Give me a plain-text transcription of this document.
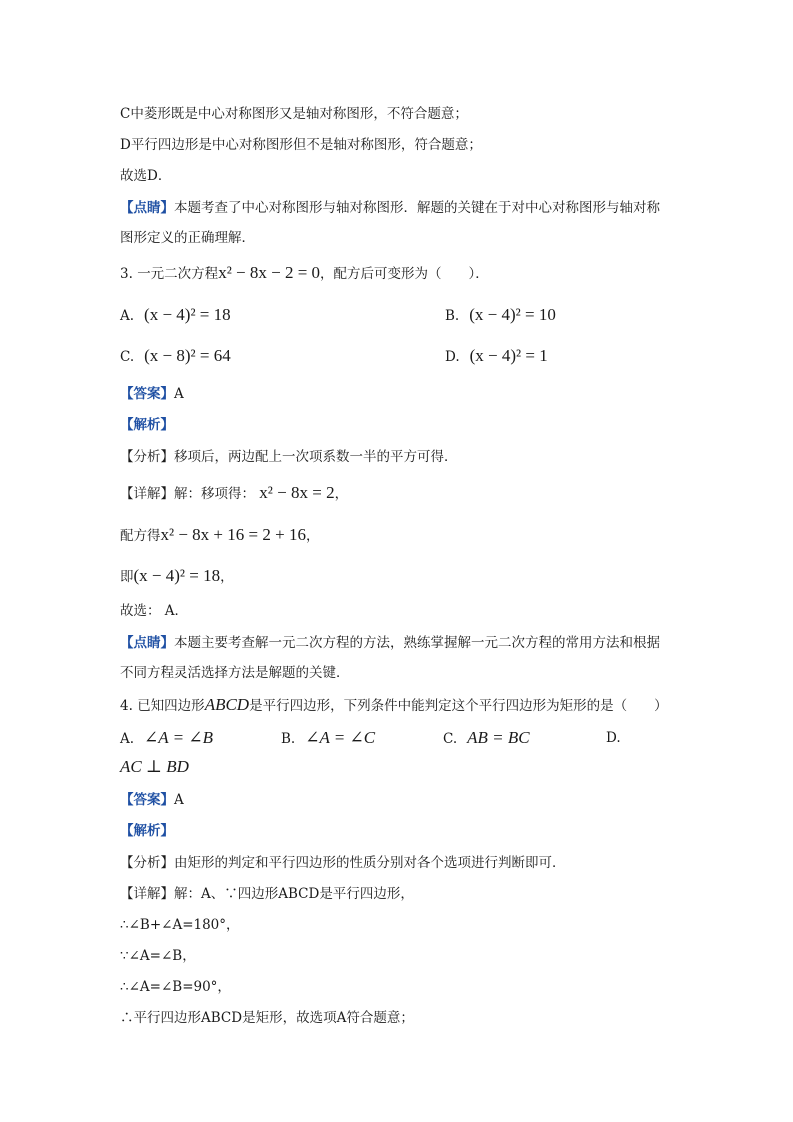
C中菱形既是中心对称图形又是轴对称图形，不符合题意；
D平行四边形是中心对称图形但不是轴对称图形，符合题意；
故选D．
【点睛】本题考查了中心对称图形与轴对称图形．解题的关键在于对中心对称图形与轴对称
图形定义的正确理解．
3. 一元二次方程x² − 8x − 2 = 0，配方后可变形为（　　）．
A. (x − 4)² = 18	B. (x − 4)² = 10
C. (x − 8)² = 64	D. (x − 4)² = 1
【答案】A
【解析】
【分析】移项后，两边配上一次项系数一半的平方可得．
【详解】解：移项得： x² − 8x = 2，
配方得x² − 8x + 16 = 2 + 16，
即(x − 4)² = 18，
故选： A．
【点睛】本题主要考查解一元二次方程的方法，熟练掌握解一元二次方程的常用方法和根据
不同方程灵活选择方法是解题的关键．
4. 已知四边形ABCD是平行四边形，下列条件中能判定这个平行四边形为矩形的是（　　）
A. ∠A = ∠B	B. ∠A = ∠C	C. AB = BC	D.
AC ⊥ BD
【答案】A
【解析】
【分析】由矩形的判定和平行四边形的性质分别对各个选项进行判断即可．
【详解】解：A、∵四边形ABCD是平行四边形，
∴∠B+∠A=180°，
∵∠A=∠B，
∴∠A=∠B=90°，
∴平行四边形ABCD是矩形，故选项A符合题意；
